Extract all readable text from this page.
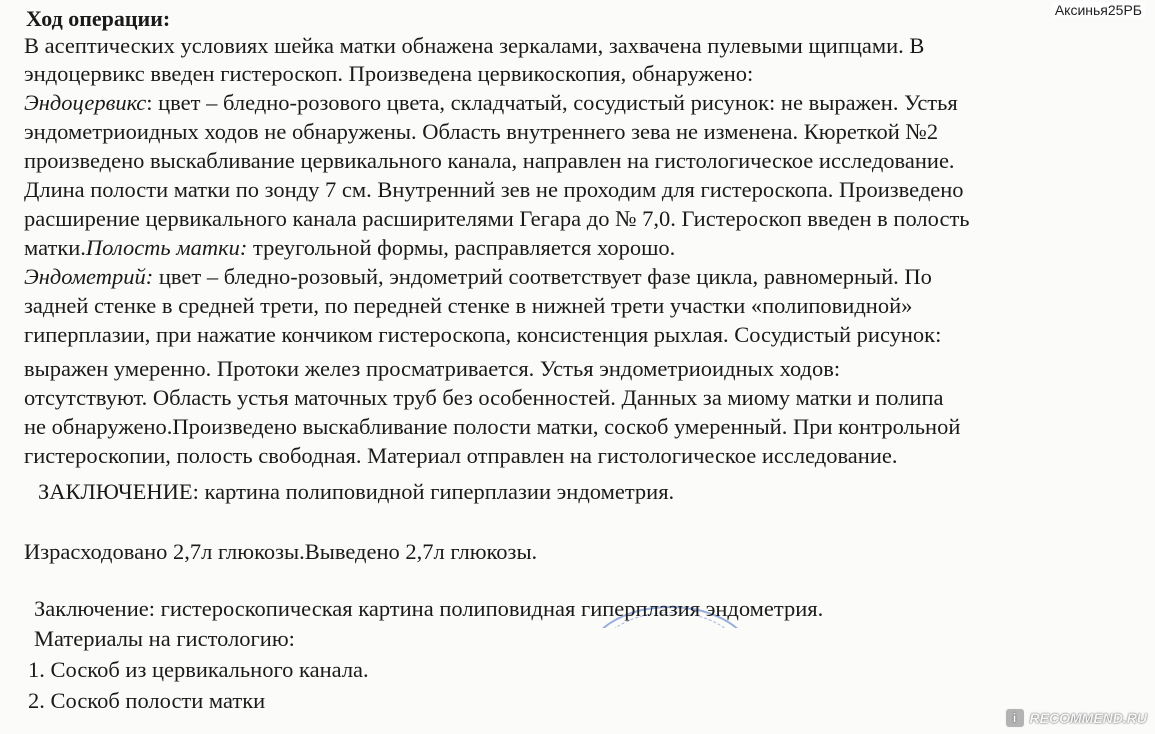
Аксинья25РБ
Ход операции:
В асептических условиях шейка матки обнажена зеркалами, захвачена пулевыми щипцами. В
эндоцервикс введен гистероскоп. Произведена цервикоскопия, обнаружено:
Эндоцервикс: цвет – бледно-розового цвета, складчатый, сосудистый рисунок: не выражен. Устья
эндометриоидных ходов не обнаружены. Область внутреннего зева не изменена. Кюреткой №2
произведено выскабливание цервикального канала, направлен на гистологическое исследование.
Длина полости матки по зонду 7 см. Внутренний зев не проходим для гистероскопа. Произведено
расширение цервикального канала расширителями Гегара до № 7,0. Гистероскоп введен в полость
матки.Полость матки: треугольной формы, расправляется хорошо.
Эндометрий: цвет – бледно-розовый, эндометрий соответствует фазе цикла, равномерный. По
задней стенке в средней трети, по передней стенке в нижней трети участки «полиповидной»
гиперплазии, при нажатие кончиком гистероскопа, консистенция рыхлая. Сосудистый рисунок:
выражен умеренно. Протоки желез просматривается. Устья эндометриоидных ходов:
отсутствуют. Область устья маточных труб без особенностей. Данных за миому матки и полипа
не обнаружено.Произведено выскабливание полости матки, соскоб умеренный. При контрольной
гистероскопии, полость свободная. Материал отправлен на гистологическое исследование.
ЗАКЛЮЧЕНИЕ: картина полиповидной гиперплазии эндометрия.
Израсходовано 2,7л глюкозы.Выведено 2,7л глюкозы.
Заключение: гистероскопическая картина полиповидная гиперплазия эндометрия.
Материалы на гистологию:
1. Соскоб из цервикального канала.
2. Соскоб полости матки
i RECOMMEND.RU
